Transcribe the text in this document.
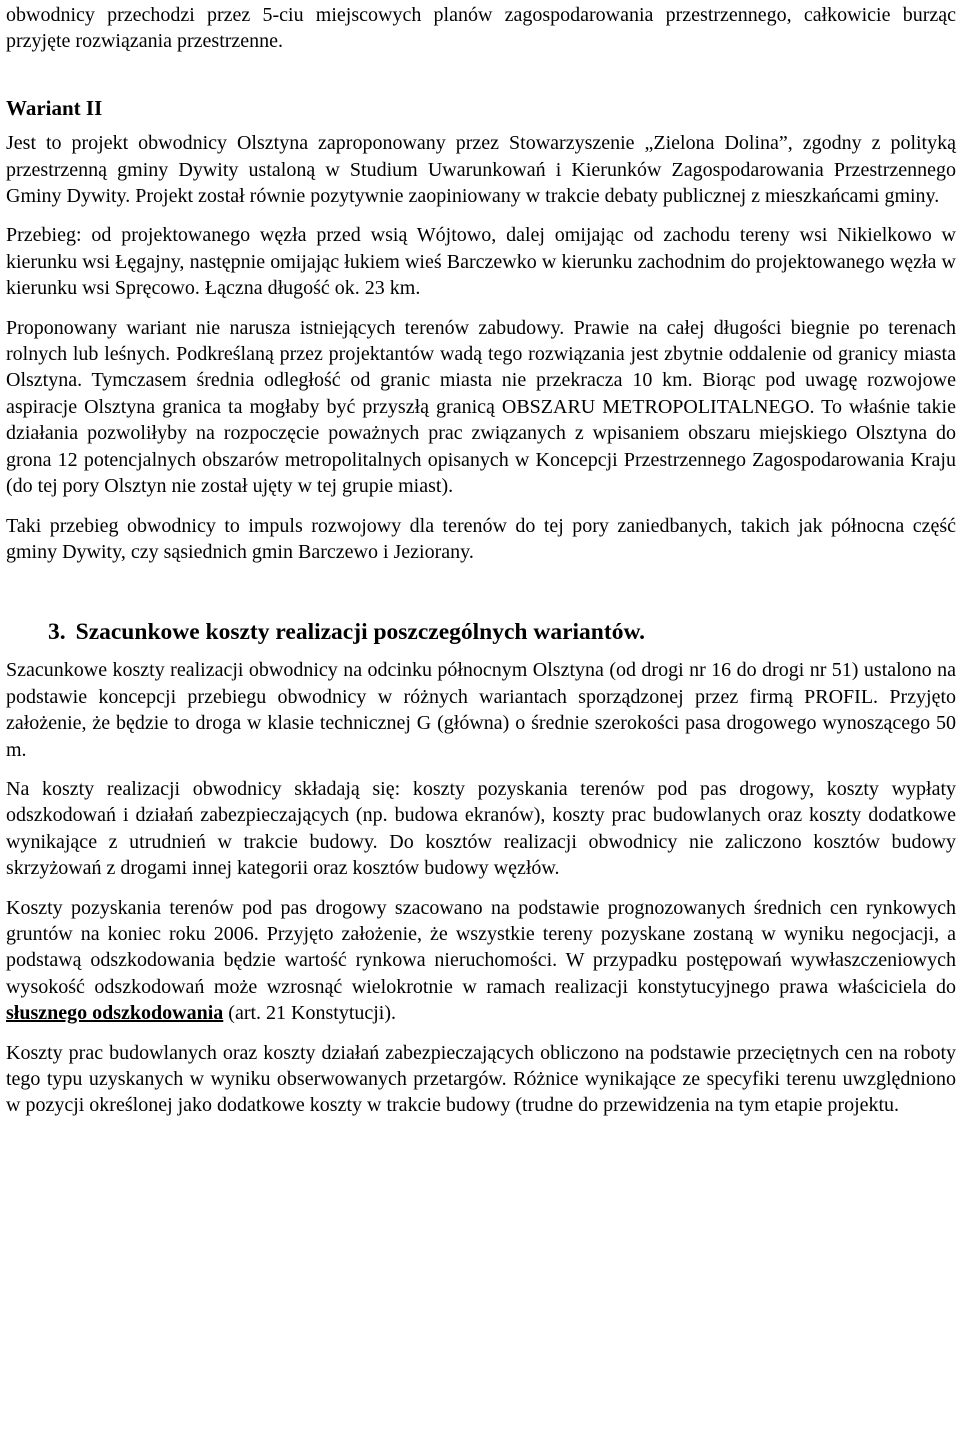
obwodnicy przechodzi przez 5-ciu miejscowych planów zagospodarowania przestrzennego, całkowicie burząc przyjęte rozwiązania przestrzenne.

Wariant II

Jest to projekt obwodnicy Olsztyna zaproponowany przez Stowarzyszenie „Zielona Dolina”, zgodny z polityką przestrzenną gminy Dywity ustaloną w Studium Uwarunkowań i Kierunków Zagospodarowania Przestrzennego Gminy Dywity. Projekt został równie pozytywnie zaopiniowany w trakcie debaty publicznej z mieszkańcami gminy.

Przebieg: od projektowanego węzła przed wsią Wójtowo, dalej omijając od zachodu tereny wsi Nikielkowo w kierunku wsi Łęgajny, następnie omijając łukiem wieś Barczewko w kierunku zachodnim do projektowanego węzła w kierunku wsi Spręcowo. Łączna długość ok. 23 km.

Proponowany wariant nie narusza istniejących terenów zabudowy. Prawie na całej długości biegnie po terenach rolnych lub leśnych. Podkreślaną przez projektantów wadą tego rozwiązania jest zbytnie oddalenie od granicy miasta Olsztyna. Tymczasem średnia odległość od granic miasta nie przekracza 10 km. Biorąc pod uwagę rozwojowe aspiracje Olsztyna granica ta mogłaby być przyszłą granicą OBSZARU METROPOLITALNEGO. To właśnie takie działania pozwoliłyby na rozpoczęcie poważnych prac związanych z wpisaniem obszaru miejskiego Olsztyna do grona 12 potencjalnych obszarów metropolitalnych opisanych w Koncepcji Przestrzennego Zagospodarowania Kraju (do tej pory Olsztyn nie został ujęty w tej grupie miast).

Taki przebieg obwodnicy to impuls rozwojowy dla terenów do tej pory zaniedbanych, takich jak północna część gminy Dywity, czy sąsiednich gmin Barczewo i Jeziorany.

3. Szacunkowe koszty realizacji poszczególnych wariantów.

Szacunkowe koszty realizacji obwodnicy na odcinku północnym Olsztyna (od drogi nr 16 do drogi nr 51) ustalono na podstawie koncepcji przebiegu obwodnicy w różnych wariantach sporządzonej przez firmą PROFIL. Przyjęto założenie, że będzie to droga w klasie technicznej G (główna) o średnie szerokości pasa drogowego wynoszącego 50 m.

Na koszty realizacji obwodnicy składają się: koszty pozyskania terenów pod pas drogowy, koszty wypłaty odszkodowań i działań zabezpieczających (np. budowa ekranów), koszty prac budowlanych oraz koszty dodatkowe wynikające z utrudnień w trakcie budowy. Do kosztów realizacji obwodnicy nie zaliczono kosztów budowy skrzyżowań z drogami innej kategorii oraz kosztów budowy węzłów.

Koszty pozyskania terenów pod pas drogowy szacowano na podstawie prognozowanych średnich cen rynkowych gruntów na koniec roku 2006. Przyjęto założenie, że wszystkie tereny pozyskane zostaną w wyniku negocjacji, a podstawą odszkodowania będzie wartość rynkowa nieruchomości. W przypadku postępowań wywłaszczeniowych wysokość odszkodowań może wzrosnąć wielokrotnie w ramach realizacji konstytucyjnego prawa właściciela do słusznego odszkodowania (art. 21 Konstytucji).

Koszty prac budowlanych oraz koszty działań zabezpieczających obliczono na podstawie przeciętnych cen na roboty tego typu uzyskanych w wyniku obserwowanych przetargów. Różnice wynikające ze specyfiki terenu uwzględniono w pozycji określonej jako dodatkowe koszty w trakcie budowy (trudne do przewidzenia na tym etapie projektu.
